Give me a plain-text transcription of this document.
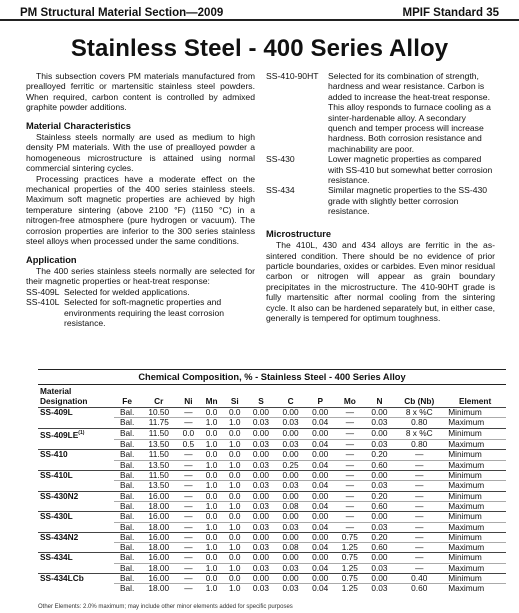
PM Structural Material Section—2009	MPIF Standard 35
Stainless Steel - 400 Series Alloy

This subsection covers PM materials manufactured from prealloyed ferritic or martensitic stainless steel powders. When required, carbon content is controlled by admixed graphite powder additions.

Material Characteristics

Stainless steels normally are used as medium to high density PM materials. With the use of prealloyed powder a homogeneous microstructure is attained using normal commercial sintering cycles.

Processing practices have a moderate effect on the mechanical properties of the 400 series stainless steels. Maximum soft magnetic properties are achieved by high temperature sintering (above 2100 °F) (1150 °C) in a nitrogen-free atmosphere (pure hydrogen or vacuum). The corrosion properties are inferior to the 300 series stainless steel alloys when processed under the same conditions.

Application

The 400 series stainless steels normally are selected for their magnetic properties or heat-treat response:

SS-409L Selected for welded applications.
SS-410L Selected for soft-magnetic properties and environments requiring the least corrosion resistance.
SS-410-90HT	Selected for its combination of strength, hardness and wear resistance. Carbon is added to increase the heat-treat response. This alloy responds to furnace cooling as a sinter-hardenable alloy. A secondary quench and temper process will increase hardness. Both corrosion resistance and machinability are poor.
SS-430	Lower magnetic properties as compared with SS-410 but somewhat better corrosion resistance.
SS-434	Similar magnetic properties to the SS-430 grade with slightly better corrosion resistance.
Microstructure

The 410L, 430 and 434 alloys are ferritic in the as-sintered condition. There should be no evidence of prior particle boundaries, oxides or carbides. Even minor residual carbon or nitrogen will appear as grain boundary precipitates in the microstructure. The 410-90HT grade is fully martensitic after normal cooling from the sintering cycle. It also can be hardened separately but, in either case, generally is tempered for optimum toughness.

Chemical Composition, % - Stainless Steel - 400 Series Alloy
Material
Designation	Fe	Cr	Ni	Mn	Si	S	C	P	Mo	N	Cb (Nb)	Element
SS-409L	Bal.	10.50	—	0.0	0.0	0.00	0.00	0.00	—	0.00	8 x %C	Minimum
	Bal.	11.75	—	1.0	1.0	0.03	0.03	0.04	—	0.03	0.80	Maximum
SS-409LE$^{(1)}$	Bal.	11.50	0.0	0.0	0.0	0.00	0.00	0.00	—	0.00	8 x %C	Minimum
	Bal.	13.50	0.5	1.0	1.0	0.03	0.03	0.04	—	0.03	0.80	Maximum
SS-410	Bal.	11.50	—	0.0	0.0	0.00	0.00	0.00	—	0.20	—	Minimum
	Bal.	13.50	—	1.0	1.0	0.03	0.25	0.04	—	0.60	—	Maximum
SS-410L	Bal.	11.50	—	0.0	0.0	0.00	0.00	0.00	—	0.00	—	Minimum
	Bal.	13.50	—	1.0	1.0	0.03	0.03	0.04	—	0.03	—	Maximum
SS-430N2	Bal.	16.00	—	0.0	0.0	0.00	0.00	0.00	—	0.20	—	Minimum
	Bal.	18.00	—	1.0	1.0	0.03	0.08	0.04	—	0.60	—	Maximum
SS-430L	Bal.	16.00	—	0.0	0.0	0.00	0.00	0.00	—	0.00	—	Minimum
	Bal.	18.00	—	1.0	1.0	0.03	0.03	0.04	—	0.03	—	Maximum
SS-434N2	Bal.	16.00	—	0.0	0.0	0.00	0.00	0.00	0.75	0.20	—	Minimum
	Bal.	18.00	—	1.0	1.0	0.03	0.08	0.04	1.25	0.60	—	Maximum
SS-434L	Bal.	16.00	—	0.0	0.0	0.00	0.00	0.00	0.75	0.00	—	Minimum
	Bal.	18.00	—	1.0	1.0	0.03	0.03	0.04	1.25	0.03	—	Maximum
SS-434LCb	Bal.	16.00	—	0.0	0.0	0.00	0.00	0.00	0.75	0.00	0.40	Minimum
	Bal.	18.00	—	1.0	1.0	0.03	0.03	0.04	1.25	0.03	0.60	Maximum
Other Elements: 2.0% maximum; may include other minor elements added for specific purposes
